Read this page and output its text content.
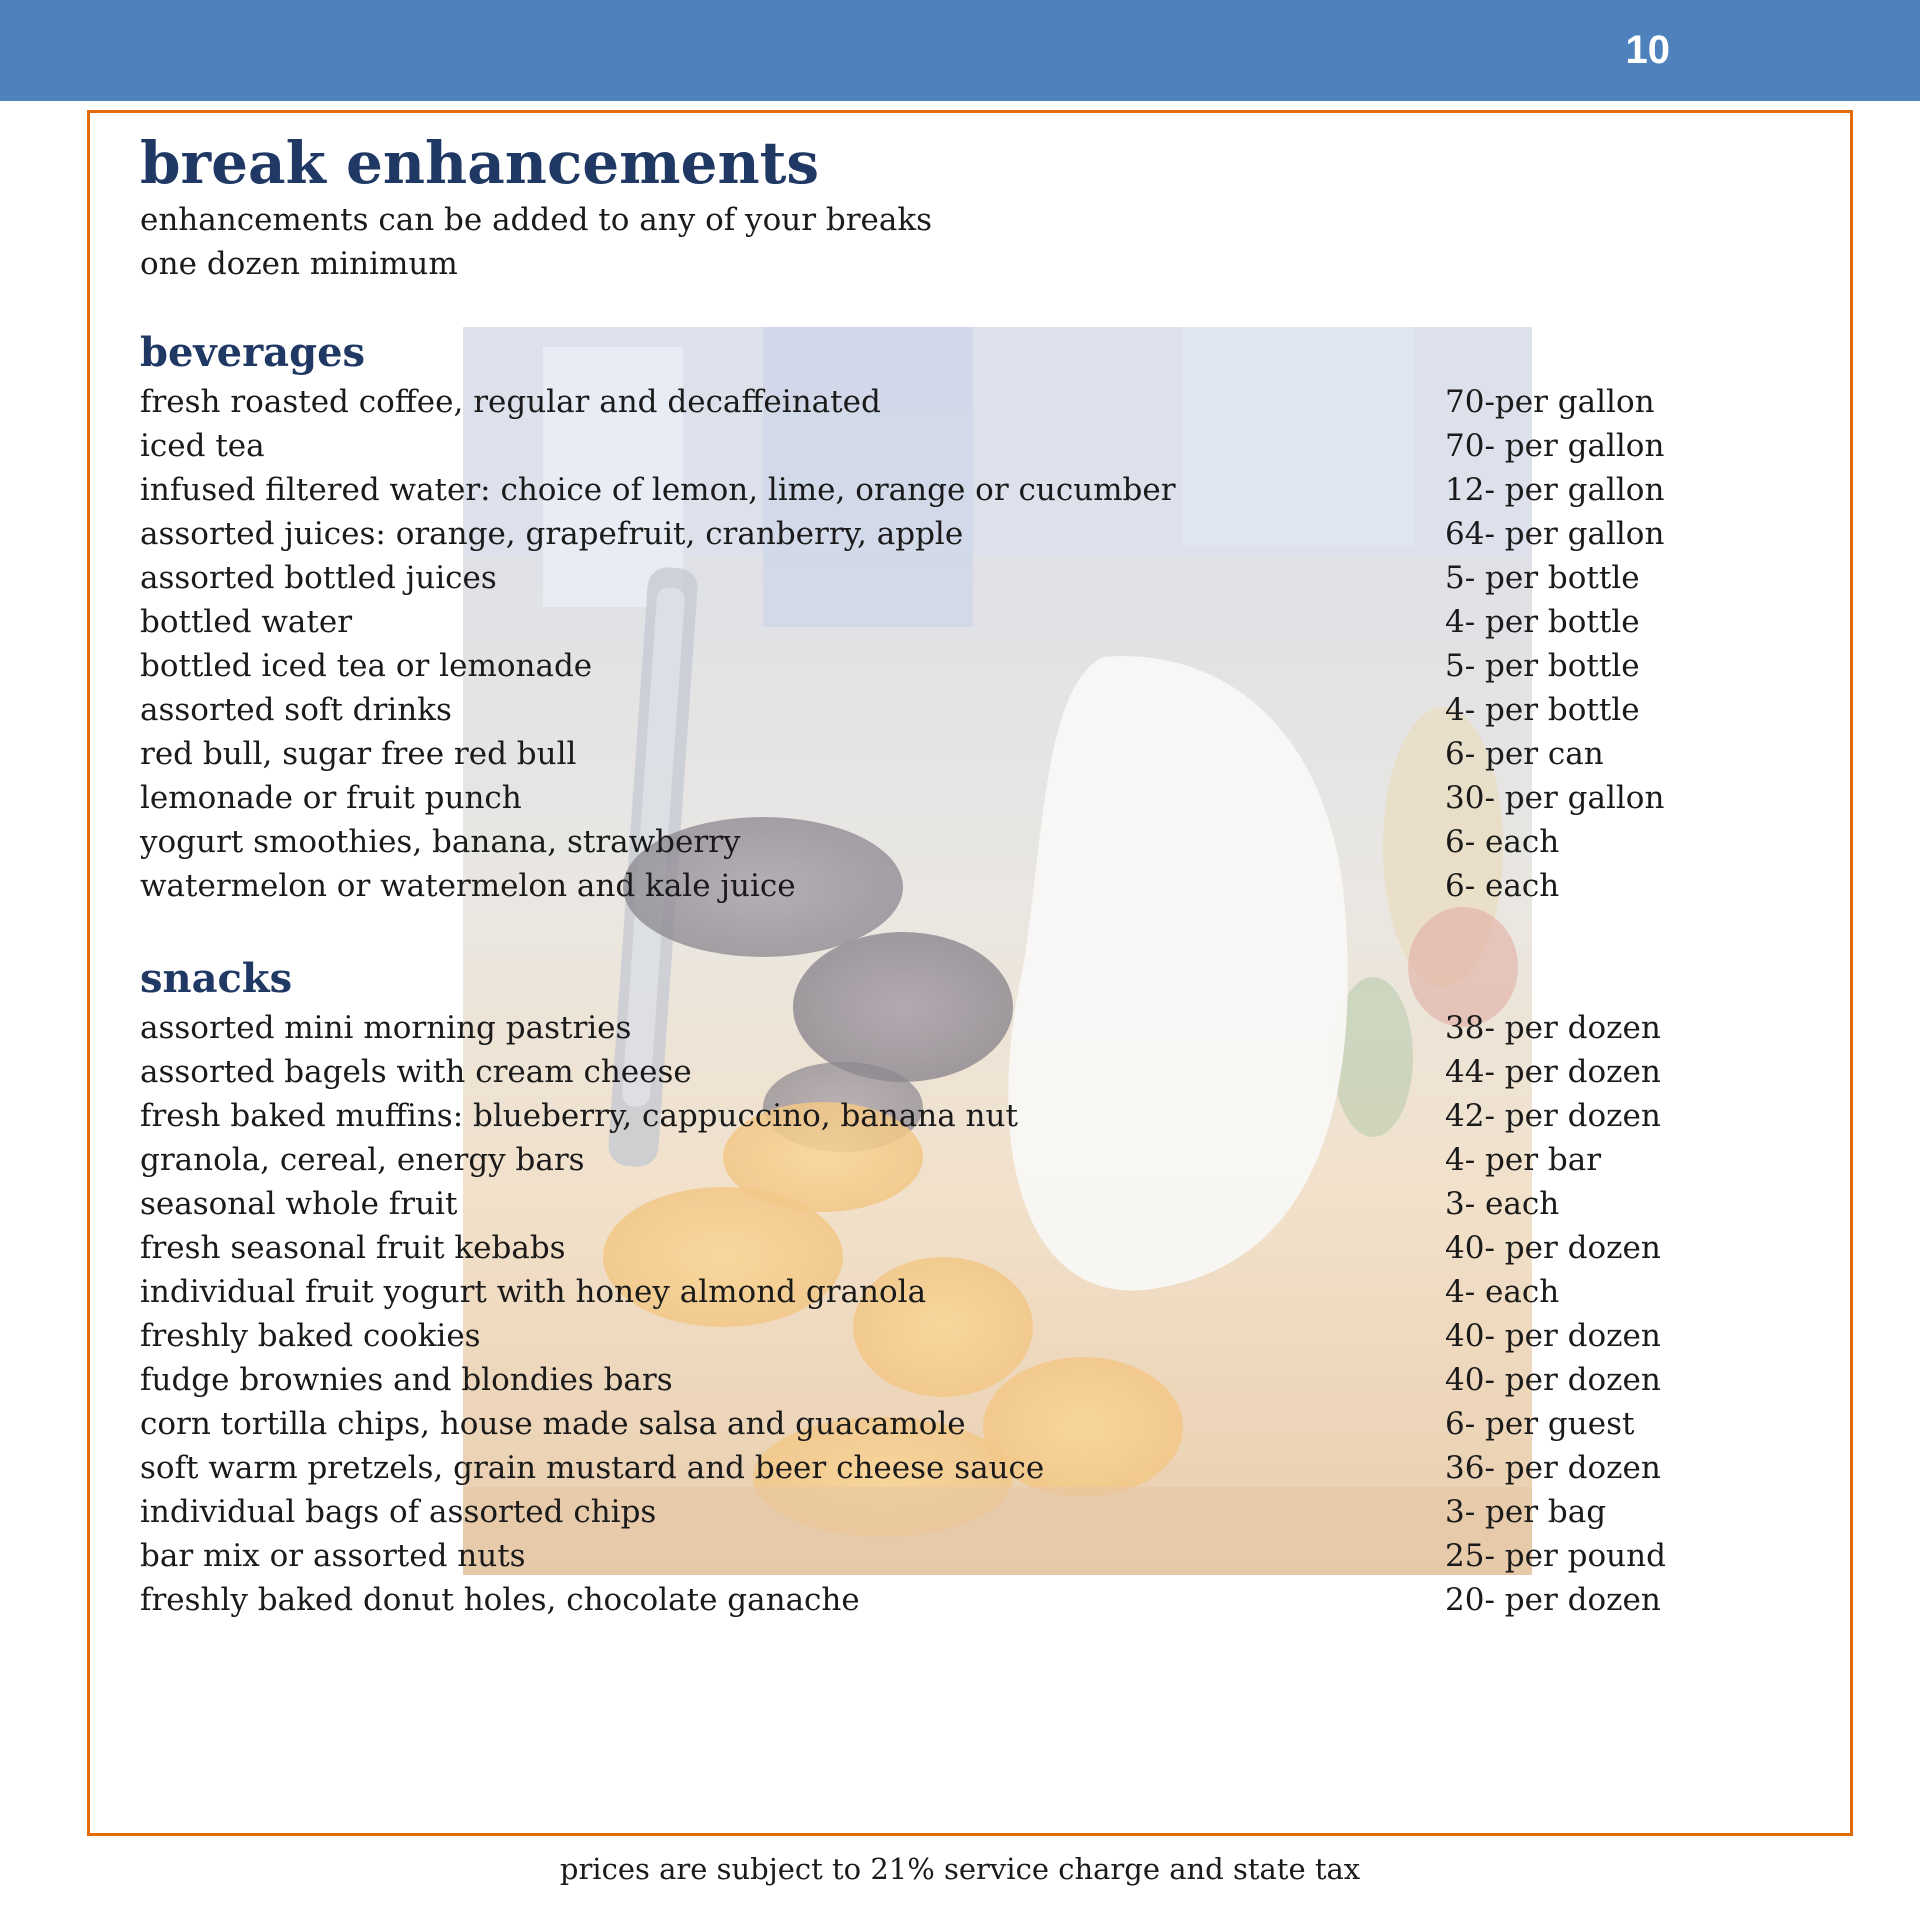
10
break enhancements
enhancements can be added to any of your breaks
one dozen minimum
beverages
fresh roasted coffee, regular and decaffeinated	70-per gallon
iced tea	70- per gallon
infused filtered water: choice of lemon, lime, orange or cucumber	12- per gallon
assorted juices: orange, grapefruit, cranberry, apple	64- per gallon
assorted bottled juices	5- per bottle
bottled water	4- per bottle
bottled iced tea or lemonade	5- per bottle
assorted soft drinks	4- per bottle
red bull, sugar free red bull	6- per can
lemonade or fruit punch	30- per gallon
yogurt smoothies, banana, strawberry	6- each
watermelon or watermelon and kale juice	6- each
snacks
assorted mini morning pastries	38- per dozen
assorted bagels with cream cheese	44- per dozen
fresh baked muffins: blueberry, cappuccino, banana nut	42- per dozen
granola, cereal, energy bars	4- per bar
seasonal whole fruit	3- each
fresh seasonal fruit kebabs	40- per dozen
individual fruit yogurt with honey almond granola	4- each
freshly baked cookies	40- per dozen
fudge brownies and blondies bars	40- per dozen
corn tortilla chips, house made salsa and guacamole	6- per guest
soft warm pretzels, grain mustard and beer cheese sauce	36- per dozen
individual bags of assorted chips	3- per bag
bar mix or assorted nuts	25- per pound
freshly baked donut holes, chocolate ganache	20- per dozen
prices are subject to 21% service charge and state tax
